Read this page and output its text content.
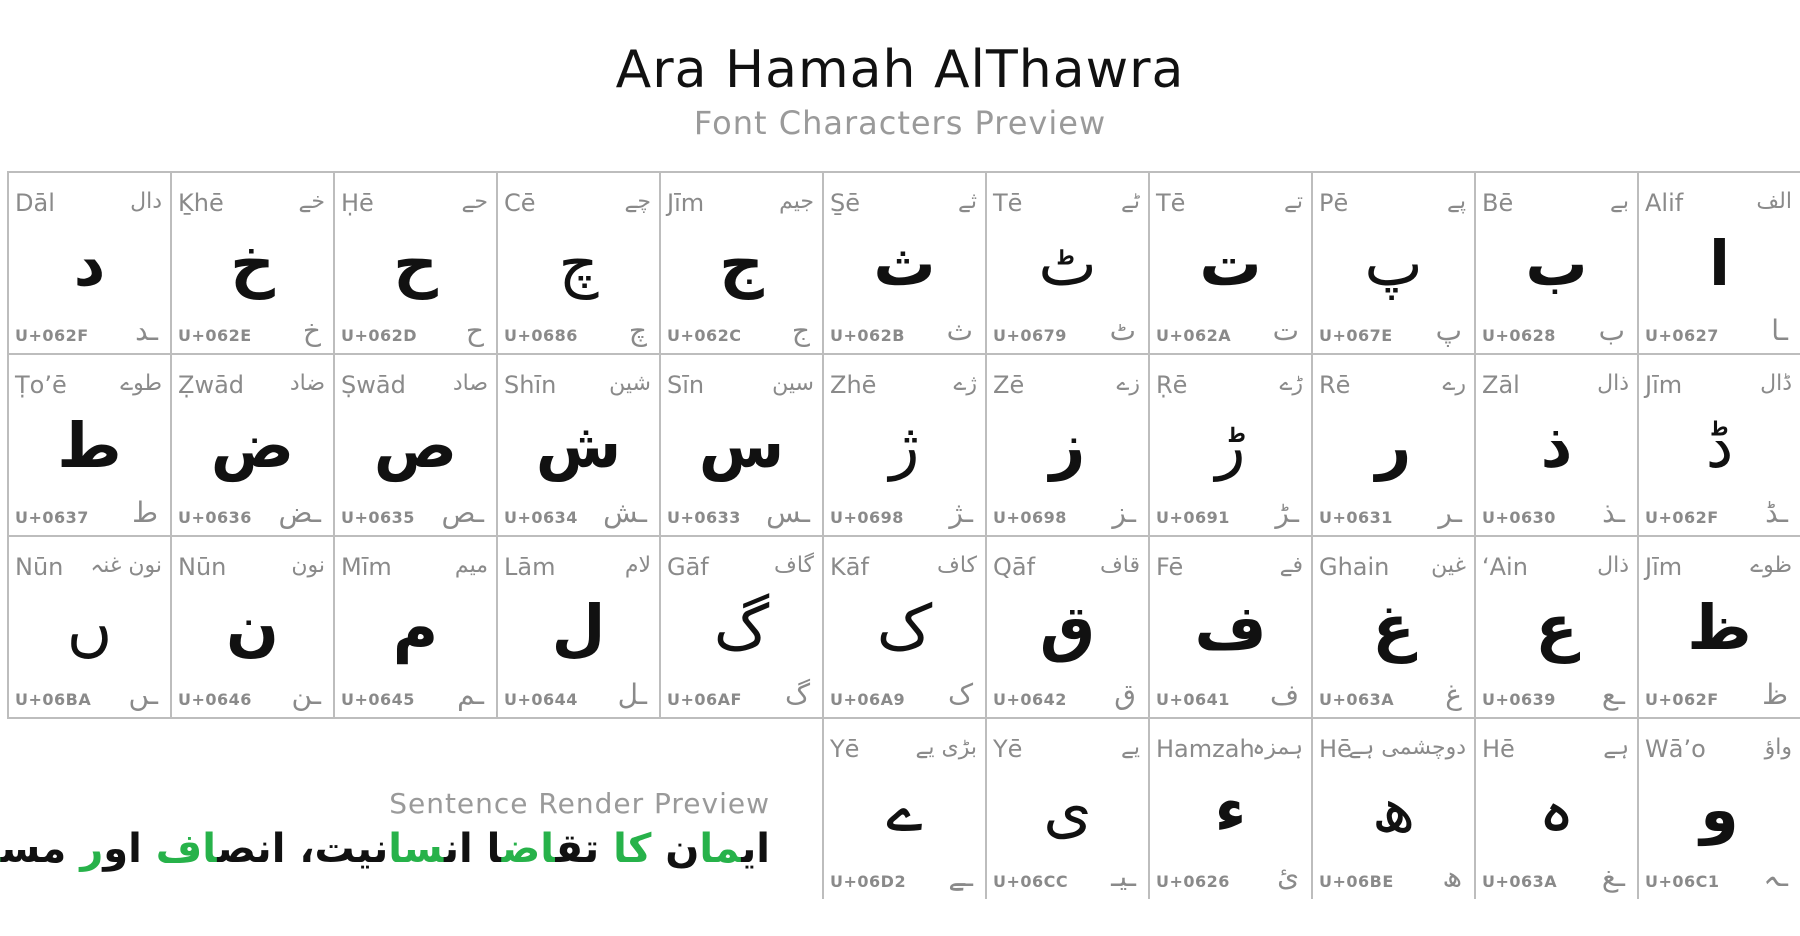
Ara Hamah AlThawra
Font Characters Preview
Alif	الف
ا
U+0627 ـا
Bē	بے
ب
U+0628 ب
Pē	پے
پ
U+067E پ
Tē	تے
ت
U+062A ت
Tē	ٹے
ٹ
U+0679 ٹ
S̱ē	ثے
ث
U+062B ث
Jīm	جیم
ج
U+062C ج
Cē	چے
چ
U+0686 چ
Ḥē	حے
ح
U+062D ح
Ḵhē	خے
خ
U+062E خ
Dāl	دال
د
U+062F ـد
Jīm	ڈال
ڈ
U+062F ـڈ
Zāl	ذال
ذ
U+0630 ـذ
Rē	رے
ر
U+0631 ـر
Ṛē	ڑے
ڑ
U+0691 ـڑ
Zē	زے
ز
U+0698 ـز
Zhē	ژے
ژ
U+0698 ـژ
Sīn	سین
س
U+0633 ـس
Shīn شین
ش
U+0634 ـش
Ṣwād صاد
ص
U+0635 ـص
Ẓwād ضاد
ض
U+0636 ـض
Ṭo’ē طوے
ط
U+0637 ط
Jīm	ظوے
ظ
U+062F ظ
‘Ain	ذال
ع
U+0639 ـع
Ghain غین
غ
U+063A غ
Fē	فے
ف
U+0641 ف
Qāf	قاف
ق
U+0642 ق
Kāf	کاف
ک
U+06A9 ک
Gāf	گاف
گ
U+06AF گ
Lām	لام
ل
U+0644 ـل
Mīm	میم
م
U+0645 ـم
Nūn	نون
ن
U+0646 ـن
Nūn نون غنہ
ں
U+06BA ـں
Wā’o	واؤ
و
U+06C1 ـہ
Hē	ہے
ہ
U+063A ـغ
Hē
دوچشمی ہے
ھ
U+06BE ھ
Hamzah
ہمزہ
ء
U+0626 ئ
Yē	یے
ی
U+06CC ـیـ
Yē	بڑی یے
ے
U+06D2 ـے
Sentence Render Preview
ایمان کا تقاضا انسانیت، انصاف اور مس
